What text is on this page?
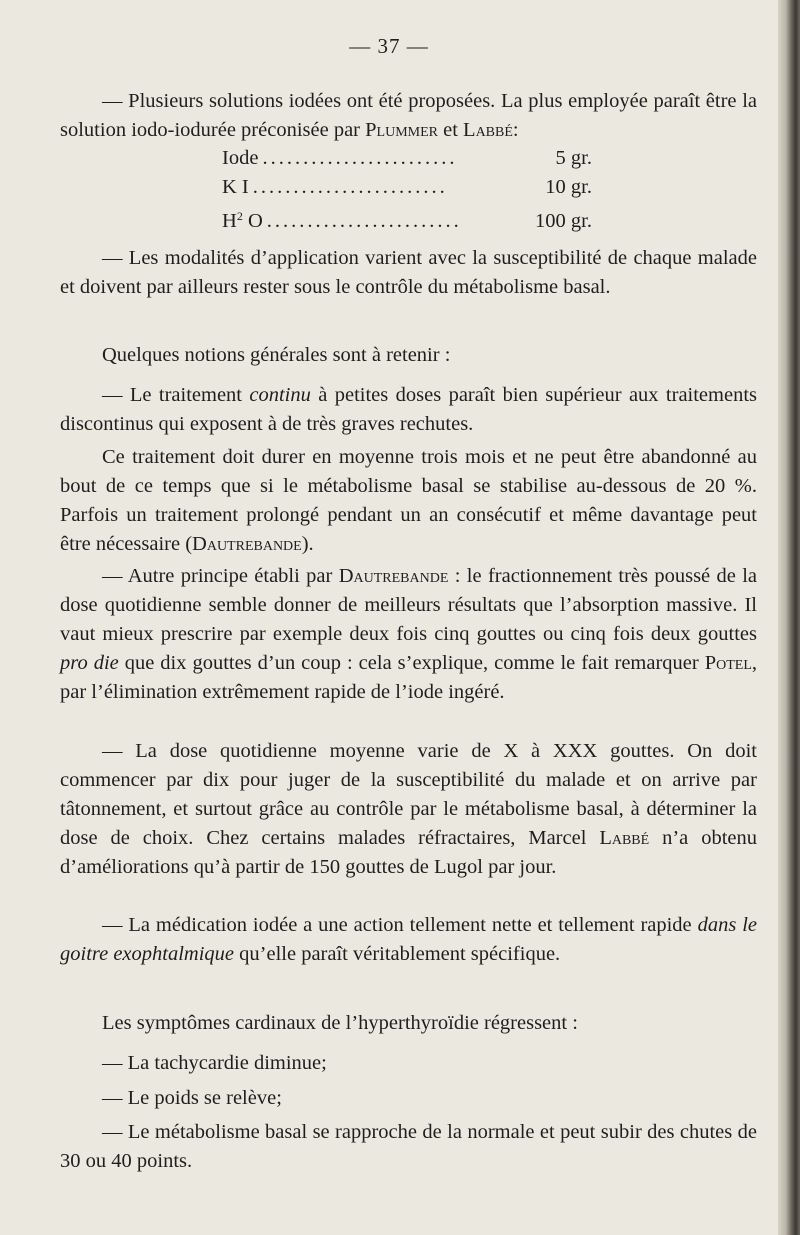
— 37 —

— Plusieurs solutions iodées ont été proposées. La plus employée paraît être la solution iodo-iodurée préconisée par Plummer et Labbé:

Iode ........................	5 gr.
K I ........................	10 gr.
$H^2$ O ........................	100 gr.

— Les modalités d’application varient avec la susceptibilité de chaque malade et doivent par ailleurs rester sous le contrôle du métabolisme basal.

Quelques notions générales sont à retenir :

— Le traitement continu à petites doses paraît bien supérieur aux traitements discontinus qui exposent à de très graves rechutes.

Ce traitement doit durer en moyenne trois mois et ne peut être abandonné au bout de ce temps que si le métabolisme basal se stabilise au-dessous de 20 %. Parfois un traitement prolongé pendant un an consécutif et même davantage peut être nécessaire (Dautrebande).

— Autre principe établi par Dautrebande : le fractionnement très poussé de la dose quotidienne semble donner de meilleurs résultats que l’absorption massive. Il vaut mieux prescrire par exemple deux fois cinq gouttes ou cinq fois deux gouttes pro die que dix gouttes d’un coup : cela s’explique, comme le fait remarquer Potel, par l’élimination extrêmement rapide de l’iode ingéré.

— La dose quotidienne moyenne varie de X à XXX gouttes. On doit commencer par dix pour juger de la susceptibilité du malade et on arrive par tâtonnement, et surtout grâce au contrôle par le métabolisme basal, à déterminer la dose de choix. Chez certains malades réfractaires, Marcel Labbé n’a obtenu d’améliorations qu’à partir de 150 gouttes de Lugol par jour.

— La médication iodée a une action tellement nette et tellement rapide dans le goitre exophtalmique qu’elle paraît véritablement spécifique.

Les symptômes cardinaux de l’hyperthyroïdie régressent :

— La tachycardie diminue;

— Le poids se relève;

— Le métabolisme basal se rapproche de la normale et peut subir des chutes de 30 ou 40 points.
